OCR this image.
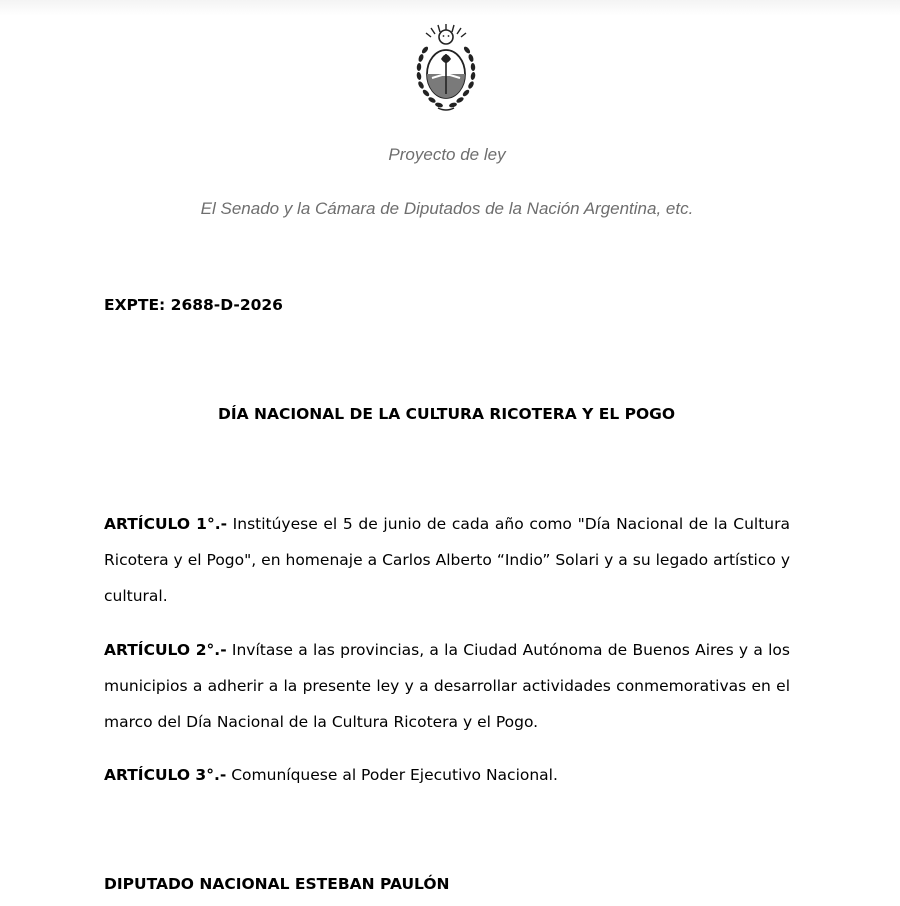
Proyecto de ley

El Senado y la Cámara de Diputados de la Nación Argentina, etc.

EXPTE: 2688-D-2026

DÍA NACIONAL DE LA CULTURA RICOTERA Y EL POGO

ARTÍCULO 1°.- Institúyese el 5 de junio de cada año como "Día Nacional de la Cultura Ricotera y el Pogo", en homenaje a Carlos Alberto “Indio” Solari y a su legado artístico y cultural.

ARTÍCULO 2°.- Invítase a las provincias, a la Ciudad Autónoma de Buenos Aires y a los municipios a adherir a la presente ley y a desarrollar actividades conmemorativas en el marco del Día Nacional de la Cultura Ricotera y el Pogo.

ARTÍCULO 3°.- Comuníquese al Poder Ejecutivo Nacional.

DIPUTADO NACIONAL ESTEBAN PAULÓN
